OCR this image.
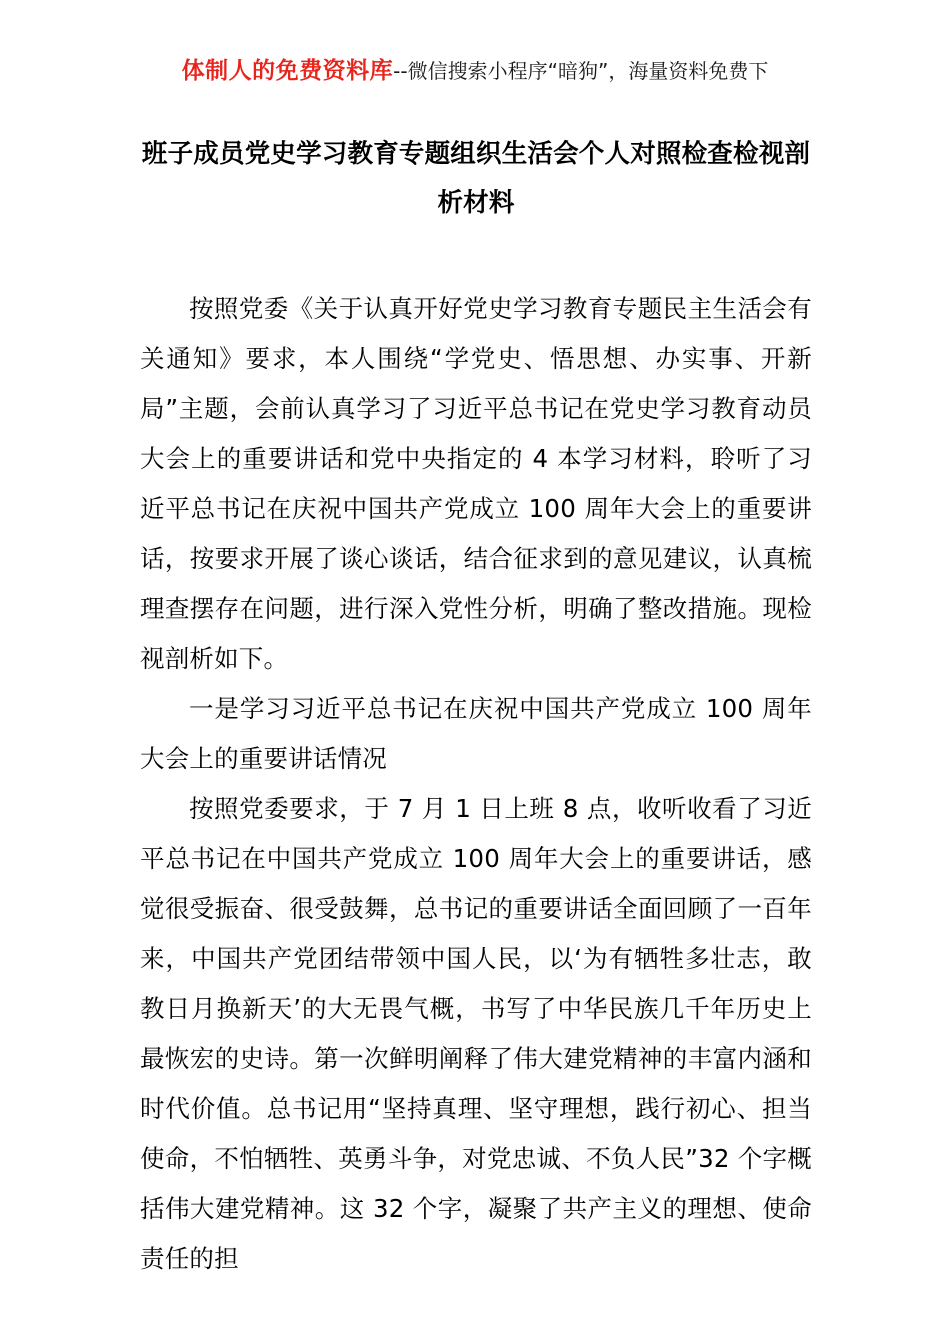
体制人的免费资料库--微信搜索小程序“暗狗”，海量资料免费下
班子成员党史学习教育专题组织生活会个人对照检查检视剖析材料

按照党委《关于认真开好党史学习教育专题民主生活会有关通知》要求，本人围绕“学党史、悟思想、办实事、开新局”主题，会前认真学习了习近平总书记在党史学习教育动员大会上的重要讲话和党中央指定的 4 本学习材料，聆听了习近平总书记在庆祝中国共产党成立 100 周年大会上的重要讲话，按要求开展了谈心谈话，结合征求到的意见建议，认真梳理查摆存在问题，进行深入党性分析，明确了整改措施。现检视剖析如下。

一是学习习近平总书记在庆祝中国共产党成立 100 周年大会上的重要讲话情况

按照党委要求，于 7 月 1 日上班 8 点，收听收看了习近平总书记在中国共产党成立 100 周年大会上的重要讲话，感觉很受振奋、很受鼓舞，总书记的重要讲话全面回顾了一百年来，中国共产党团结带领中国人民，以‘为有牺牲多壮志，敢教日月换新天’的大无畏气概，书写了中华民族几千年历史上最恢宏的史诗。第一次鲜明阐释了伟大建党精神的丰富内涵和时代价值。总书记用“坚持真理、坚守理想，践行初心、担当使命，不怕牺牲、英勇斗争，对党忠诚、不负人民”32 个字概括伟大建党精神。这 32 个字，凝聚了共产主义的理想、使命责任的担
